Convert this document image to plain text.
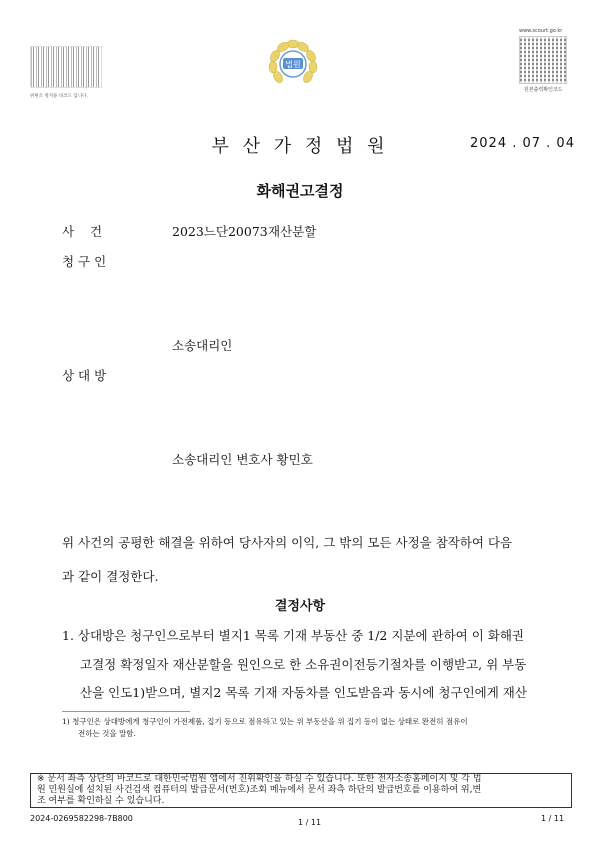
위변조 방지용 바코드 입니다.
법원
www.scourt.go.kr
원본출력확인코드
부 산 가 정 법 원	2024 . 07 . 04
화해권고결정
사    건	2023느단20073 재산분할
청 구 인
소송대리인
상 대 방
소송대리인 변호사 황민호
위 사건의 공평한 해결을 위하여 당사자의 이익, 그 밖의 모든 사정을 참작하여 다음
과 같이 결정한다.
결정사항
1. 상대방은 청구인으로부터 별지1 목록 기재 부동산 중 1/2 지분에 관하여 이 화해권
고결정 확정일자 재산분할을 원인으로 한 소유권이전등기절차를 이행받고, 위 부동
산을 인도1)받으며, 별지2 목록 기재 자동차를 인도받음과 동시에 청구인에게 재산
1) 청구인은 상대방에게 청구인이 가전제품, 집기 등으로 점유하고 있는 위 부동산을 위 집기 등이 없는 상태로 완전히 점유이
전하는 것을 말함.
※ 문서 좌측 상단의 바코드로 대한민국법원 앱에서 진위확인을 하실 수 있습니다. 또한 전자소송홈페이지 및 각 법
원 민원실에 설치된 사건검색 컴퓨터의 발급문서(번호)조회 메뉴에서 문서 좌측 하단의 발급번호를 이용하여 위,변
조 여부를 확인하실 수 있습니다.
2024-0269582298-7B800	1 / 11	1 / 11
